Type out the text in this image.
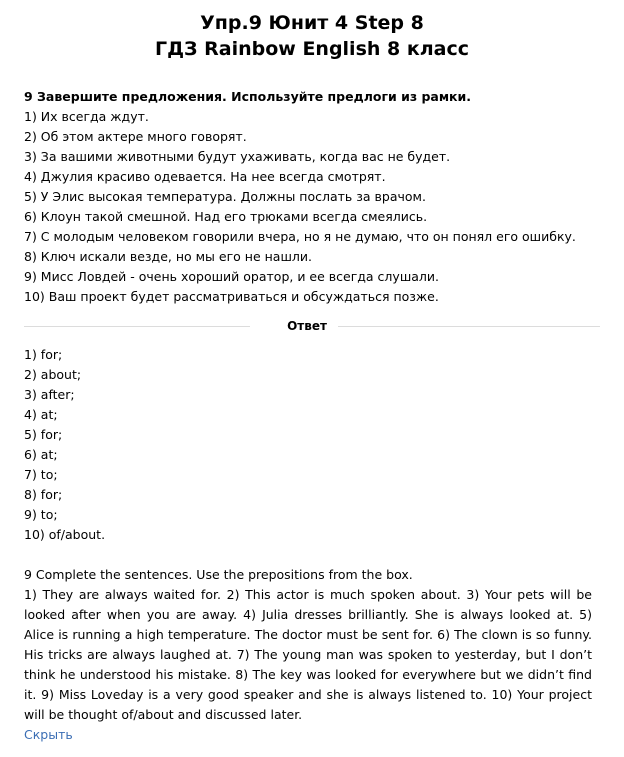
Упр.9 Юнит 4 Step 8
ГДЗ Rainbow English 8 класс
9 Завершите предложения. Используйте предлоги из рамки.
1) Их всегда ждут.
2) Об этом актере много говорят.
3) За вашими животными будут ухаживать, когда вас не будет.
4) Джулия красиво одевается. На нее всегда смотрят.
5) У Элис высокая температура. Должны послать за врачом.
6) Клоун такой смешной. Над его трюками всегда смеялись.
7) С молодым человеком говорили вчера, но я не думаю, что он понял его ошибку.
8) Ключ искали везде, но мы его не нашли.
9) Мисс Ловдей - очень хороший оратор, и ее всегда слушали.
10) Ваш проект будет рассматриваться и обсуждаться позже.
Ответ
1) for;
2) about;
3) after;
4) at;
5) for;
6) at;
7) to;
8) for;
9) to;
10) of/about.
9 Complete the sentences. Use the prepositions from the box.
1) They are always waited for. 2) This actor is much spoken about. 3) Your pets will be looked after when you are away. 4) Julia dresses brilliantly. She is always looked at. 5) Alice is running a high temperature. The doctor must be sent for. 6) The clown is so funny. His tricks are always laughed at. 7) The young man was spoken to yesterday, but I don’t think he understood his mistake. 8) The key was looked for everywhere but we didn’t find it. 9) Miss Loveday is a very good speaker and she is always listened to. 10) Your project will be thought of/about and discussed later.
Скрыть
